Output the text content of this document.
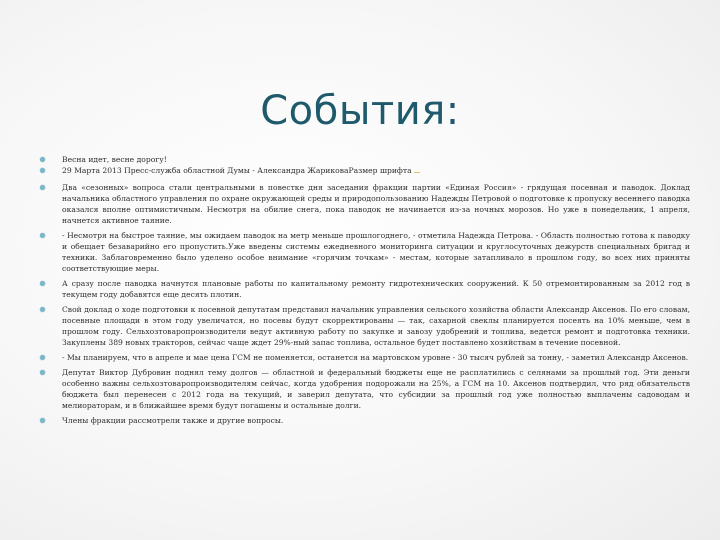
События:
Весна идет, весне дорогу!
29 Марта 2013 Пресс-служба областной Думы - Александра ЖариковаРазмер шрифта
Два «сезонных» вопроса стали центральными в повестке дня заседания фракции партии «Единая Россия» - грядущая посевная и паводок. Доклад начальника областного управления по охране окружающей среды и природопользованию Надежды Петровой о подготовке к пропуску весеннего паводка оказался вполне оптимистичным. Несмотря на обилие снега, пока паводок не начинается из-за ночных морозов. Но уже в понедельник, 1 апреля, начнется активное таяние.
- Несмотря на быстрое таяние, мы ожидаем паводок на метр меньше прошлогоднего, - отметила Надежда Петрова. - Область полностью готова к паводку и обещает безаварийно его пропустить.Уже введены системы ежедневного мониторинга ситуации и круглосуточных дежурств специальных бригад и техники. Заблаговременно было уделено особое внимание «горячим точкам» - местам, которые затапливало в прошлом году, во всех них приняты соответствующие меры.
А сразу после паводка начнутся плановые работы по капитальному ремонту гидротехнических сооружений. К 50 отремонтированным за 2012 год в текущем году добавятся еще десять плотин.
Свой доклад о ходе подготовки к посевной депутатам представил начальник управления сельского хозяйства области Александр Аксенов. По его словам, посевные площади в этом году увеличатся, но посевы будут скорректированы — так, сахарной свеклы планируется посеять на 10% меньше, чем в прошлом году. Сельхозтоваропроизводители ведут активную работу по закупке и завозу удобрений и топлива, ведется ремонт и подготовка техники. Закуплены 389 новых тракторов, сейчас чаще ждет 29%-ный запас топлива, остальное будет поставлено хозяйствам в течение посевной.
- Мы планируем, что в апреле и мае цена ГСМ не поменяется, останется на мартовском уровне - 30 тысяч рублей за тонну, - заметил Александр Аксенов.
Депутат Виктор Дубровин поднял тему долгов — областной и федеральный бюджеты еще не расплатились с селянами за прошлый год. Эти деньги особенно важны сельхозтоваропроизводителям сейчас, когда удобрения подорожали на 25%, а ГСМ на 10. Аксенов подтвердил, что ряд обязательств бюджета был перенесен с 2012 года на текущий, и заверил депутата, что субсидии за прошлый год уже полностью выплачены садоводам и мелиораторам, и в ближайшее время будут погашены и остальные долги.
Члены фракции рассмотрели также и другие вопросы.
